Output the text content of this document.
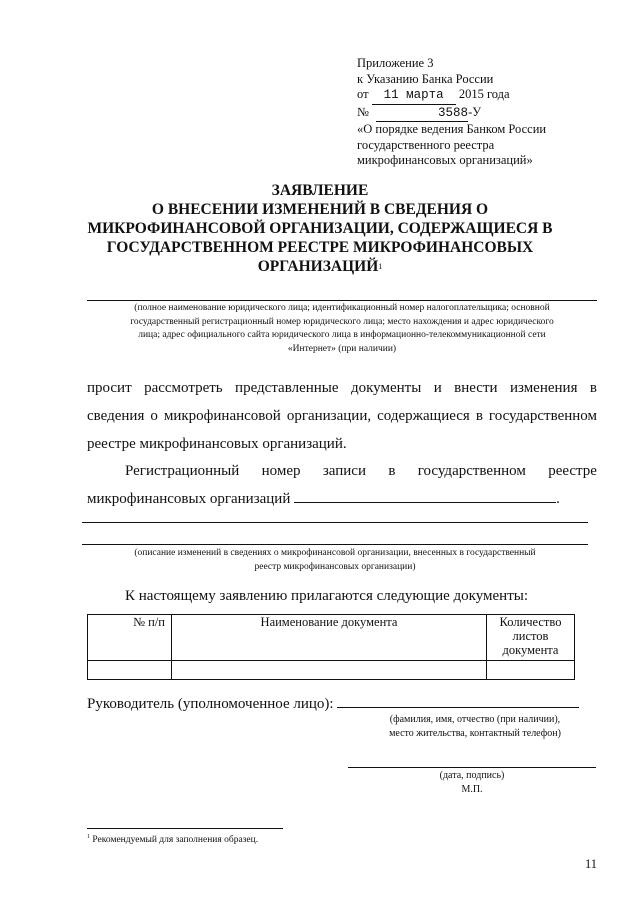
Приложение 3
к Указанию Банка России
от 11 марта 2015 года
№	3588-У
«О порядке ведения Банком России
государственного реестра
микрофинансовых организаций»
ЗАЯВЛЕНИЕ
О ВНЕСЕНИИ ИЗМЕНЕНИЙ В СВЕДЕНИЯ О
МИКРОФИНАНСОВОЙ ОРГАНИЗАЦИИ, СОДЕРЖАЩИЕСЯ В
ГОСУДАРСТВЕННОМ РЕЕСТРЕ МИКРОФИНАНСОВЫХ
ОРГАНИЗАЦИЙ$^1$
(полное наименование юридического лица; идентификационный номер налогоплательщика; основной
государственный регистрационный номер юридического лица; место нахождения и адрес юридического
лица; адрес официального сайта юридического лица в информационно-телекоммуникационной сети
«Интернет» (при наличии)
просит рассмотреть представленные документы и внести изменения в
сведения о микрофинансовой организации, содержащиеся в государственном
реестре микрофинансовых организаций.
Регистрационный номер записи в государственном реестре
микрофинансовых организаций	.
(описание изменений в сведениях о микрофинансовой организации, внесенных в государственный
реестр микрофинансовых организации)
К настоящему заявлению прилагаются следующие документы:
№ п/п	Наименование документа	Количество листов документа

Руководитель (уполномоченное лицо):
(фамилия, имя, отчество (при наличии),
место жительства, контактный телефон)
(дата, подпись)
М.П.
$^1$ Рекомендуемый для заполнения образец.
11
